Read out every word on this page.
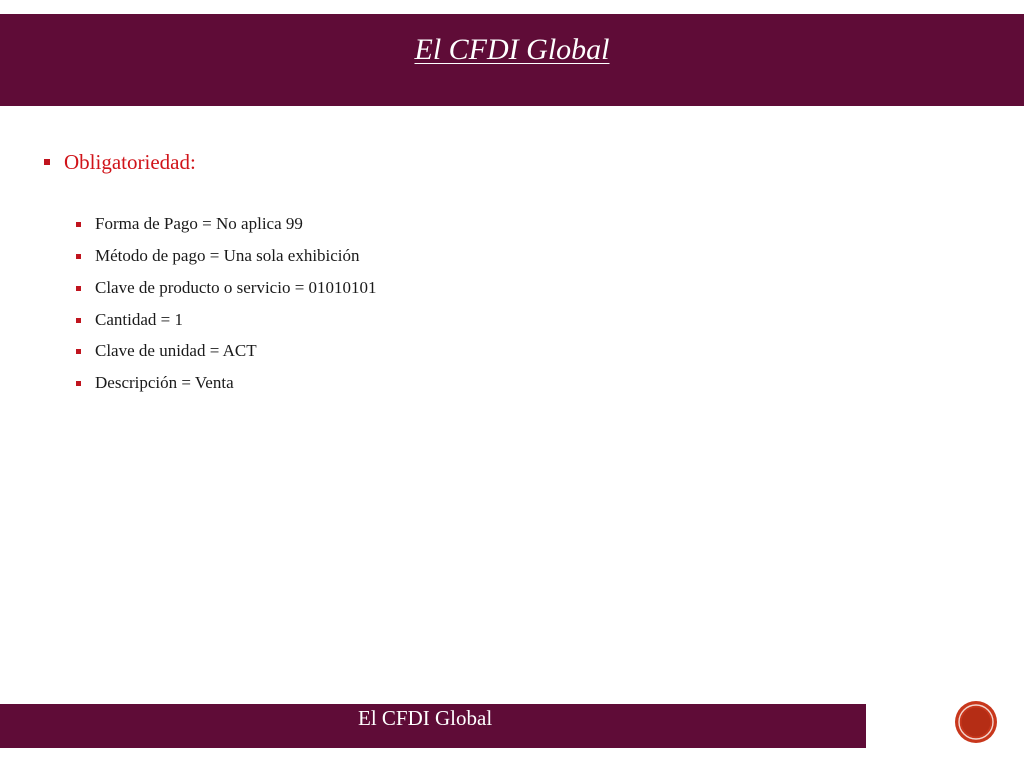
El CFDI Global
Obligatoriedad:
Forma de Pago = No aplica 99
Método de pago = Una sola exhibición
Clave de producto o servicio = 01010101
Cantidad = 1
Clave de unidad = ACT
Descripción = Venta
El CFDI Global
